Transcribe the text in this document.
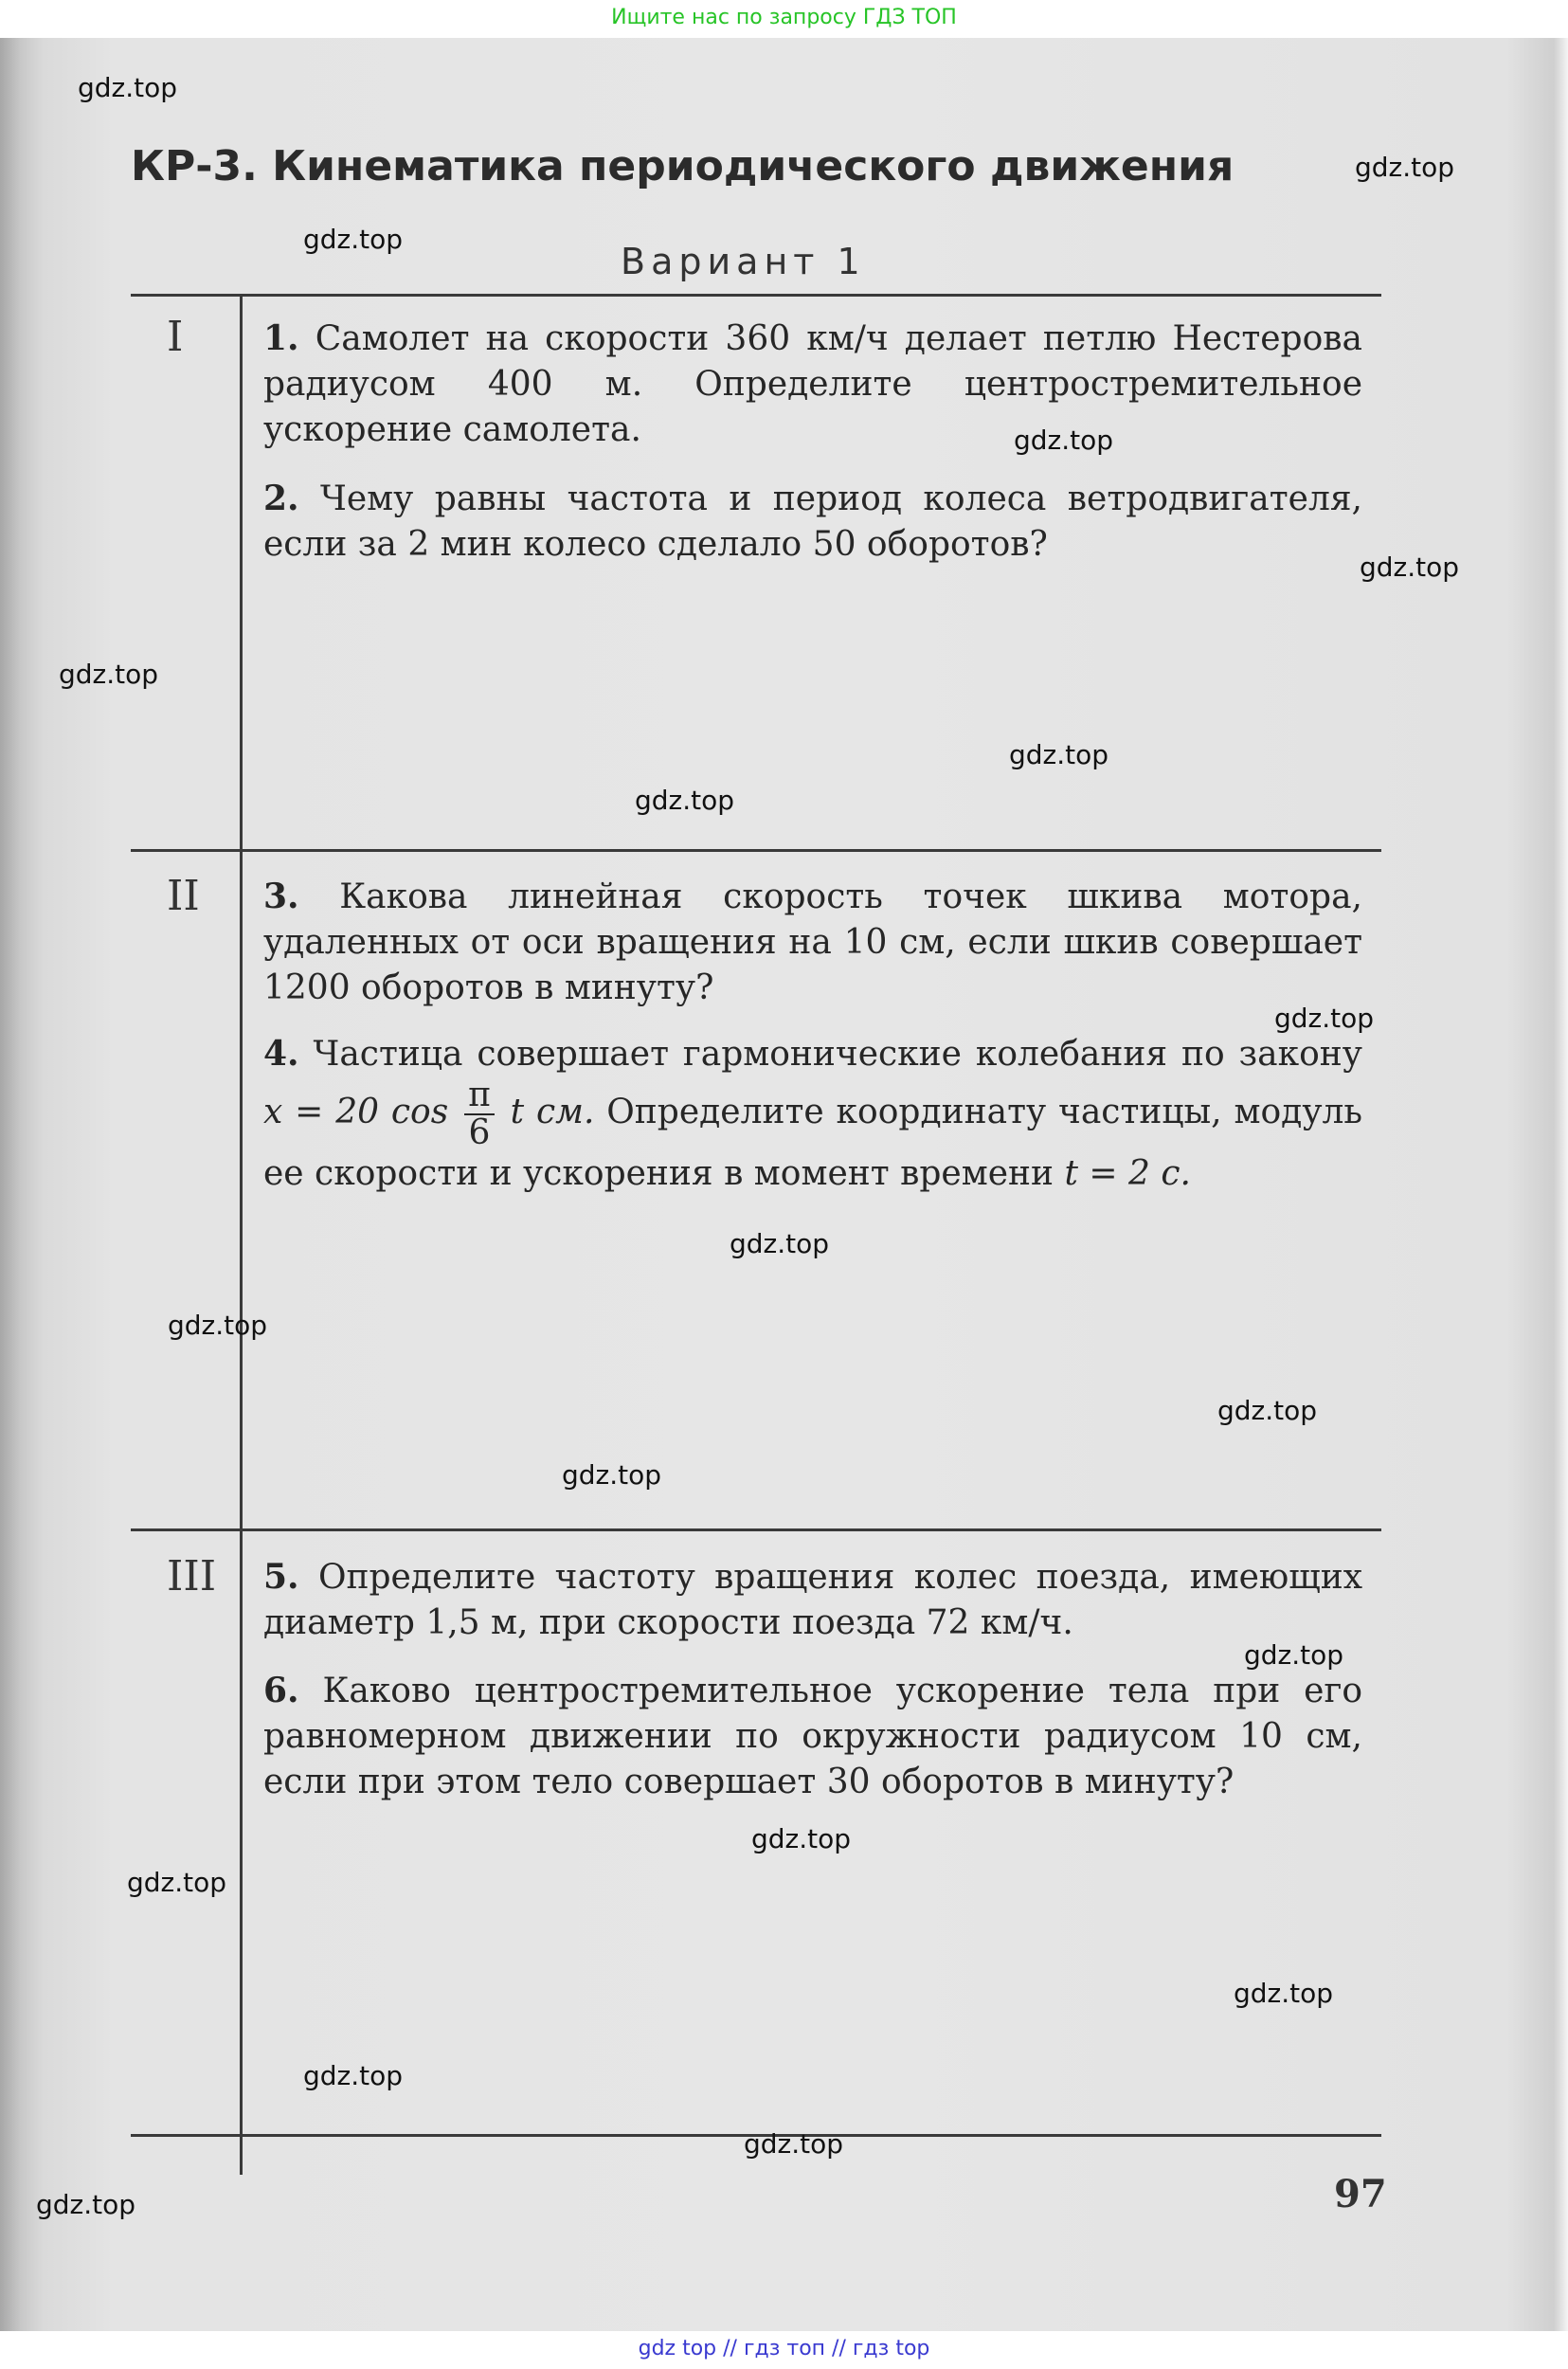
Ищите нас по запросу ГДЗ ТОП
КР-3. Кинематика периодического движения
Вариант 1
I 1. Самолет на скорости 360 км/ч делает петлю Нестерова радиусом 400 м. Определите центростремительное ускорение самолета.
2. Чему равны частота и период колеса ветродвигателя, если за 2 мин колесо сделало 50 оборотов?
II 3. Какова линейная скорость точек шкива мотора, удаленных от оси вращения на 10 см, если шкив совершает 1200 оборотов в минуту?
4. Частица совершает гармонические колебания по закону x = 20 $\cos \frac{\pi}{6}$ t см. Определите координату частицы, модуль ее скорости и ускорения в момент времени t = 2 с.
III 5. Определите частоту вращения колес поезда, имеющих диаметр 1,5 м, при скорости поезда 72 км/ч.
6. Каково центростремительное ускорение тела при его равномерном движении по окружности радиусом 10 см, если при этом тело совершает 30 оборотов в минуту?
97
gdz.top
gdz.top
gdz.top
gdz.top
gdz.top
gdz.top
gdz.top
gdz.top
gdz.top
gdz.top
gdz.top
gdz.top
gdz.top
gdz.top
gdz.top
gdz.top
gdz.top
gdz.top
gdz.top
gdz.top
gdz top // гдз топ // гдз top
